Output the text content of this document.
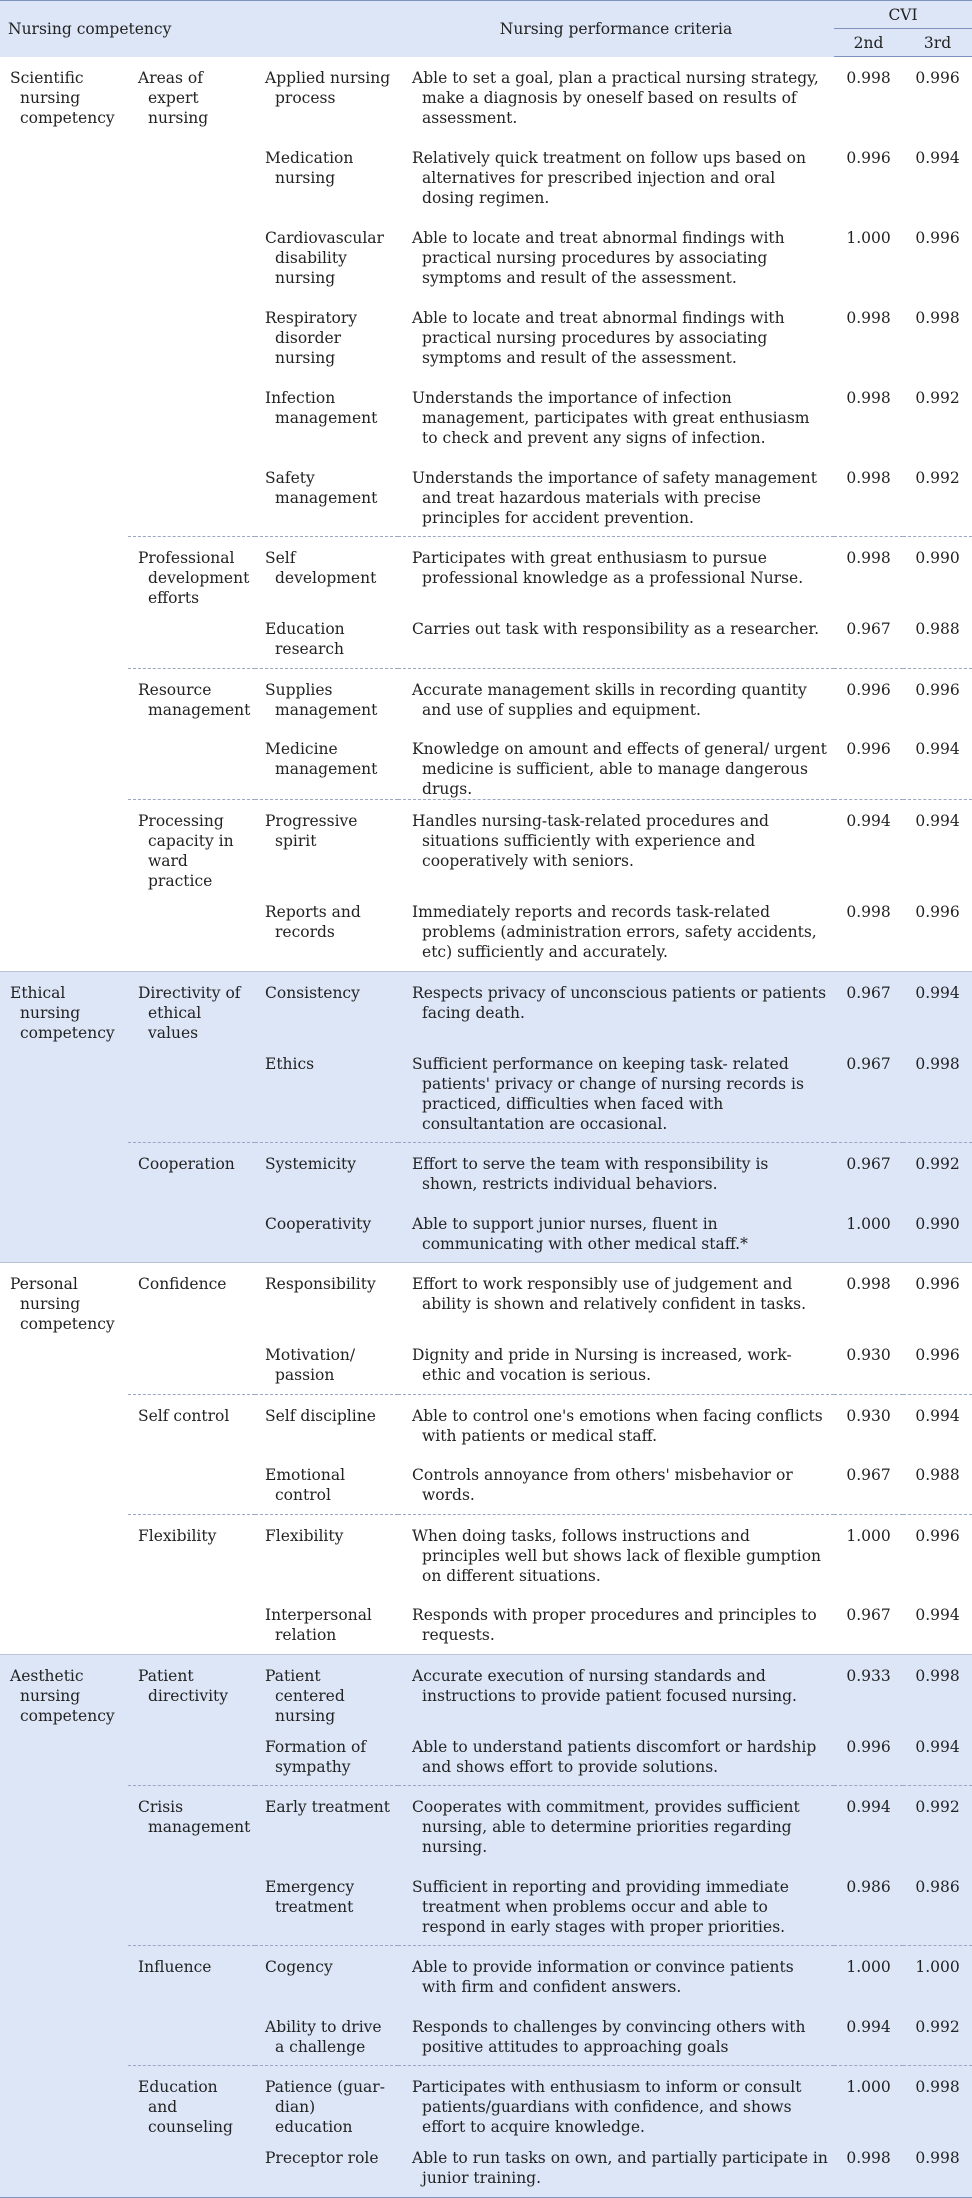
Nursing competency			Nursing performance criteria	CVI	
				2nd	3rd

Scientific nursing competency	Areas of expert nursing	Applied nursing process	Able to set a goal, plan a practical nursing strategy, make a diagnosis by oneself based on results of assessment.	0.998	0.996

		Medication nursing	Relatively quick treatment on follow ups based on alternatives for prescribed injection and oral dosing regimen.	0.996	0.994

		Cardiovascular disability nursing	Able to locate and treat abnormal findings with practical nursing procedures by associating symptoms and result of the assessment.	1.000	0.996

		Respiratory disorder nursing	Able to locate and treat abnormal findings with practical nursing procedures by associating symptoms and result of the assessment.	0.998	0.998

		Infection management	Understands the importance of infection management, participates with great enthusiasm to check and prevent any signs of infection.	0.998	0.992

		Safety management	Understands the importance of safety management and treat hazardous materials with precise principles for accident prevention.	0.998	0.992

	Professional development efforts	Self development	Participates with great enthusiasm to pursue professional knowledge as a professional Nurse.	0.998	0.990

		Education research	Carries out task with responsibility as a researcher.	0.967	0.988

	Resource management	Supplies management	Accurate management skills in recording quantity and use of supplies and equipment.	0.996	0.996

		Medicine management	Knowledge on amount and effects of general/ urgent medicine is sufficient, able to manage dangerous drugs.	0.996	0.994

	Processing capacity in ward practice	Progressive spirit	Handles nursing-task-related procedures and situations sufficiently with experience and cooperatively with seniors.	0.994	0.994

		Reports and records	Immediately reports and records task-related problems (administration errors, safety accidents, etc) sufficiently and accurately.	0.998	0.996

Ethical nursing competency	Directivity of ethical values	Consistency	Respects privacy of unconscious patients or patients facing death.	0.967	0.994

		Ethics	Sufficient performance on keeping task- related patients' privacy or change of nursing records is practiced, difficulties when faced with consultantation are occasional.	0.967	0.998

	Cooperation	Systemicity	Effort to serve the team with responsibility is shown, restricts individual behaviors.	0.967	0.992

		Cooperativity	Able to support junior nurses, fluent in communicating with other medical staff.*	1.000	0.990

Personal nursing competency	Confidence	Responsibility	Effort to work responsibly use of judgement and ability is shown and relatively confident in tasks.	0.998	0.996

		Motivation/ passion	Dignity and pride in Nursing is increased, work-ethic and vocation is serious.	0.930	0.996

	Self control	Self discipline	Able to control one's emotions when facing conflicts with patients or medical staff.	0.930	0.994

		Emotional control	Controls annoyance from others' misbehavior or words.	0.967	0.988

	Flexibility	Flexibility	When doing tasks, follows instructions and principles well but shows lack of flexible gumption on different situations.	1.000	0.996

		Interpersonal relation	Responds with proper procedures and principles to requests.	0.967	0.994

Aesthetic nursing competency	Patient directivity	Patient centered nursing	Accurate execution of nursing standards and instructions to provide patient focused nursing.	0.933	0.998

		Formation of sympathy	Able to understand patients discomfort or hardship and shows effort to provide solutions.	0.996	0.994

	Crisis management	Early treatment	Cooperates with commitment, provides sufficient nursing, able to determine priorities regarding nursing.	0.994	0.992

		Emergency treatment	Sufficient in reporting and providing immediate treatment when problems occur and able to respond in early stages with proper priorities.	0.986	0.986

	Influence	Cogency	Able to provide information or convince patients with firm and confident answers.	1.000	1.000

		Ability to drive a challenge	Responds to challenges by convincing others with positive attitudes to approaching goals	0.994	0.992

	Education and counseling	Patience (guar-dian) education	Participates with enthusiasm to inform or consult patients/guardians with confidence, and shows effort to acquire knowledge.	1.000	0.998

		Preceptor role	Able to run tasks on own, and partially participate in junior training.	0.998	0.998
